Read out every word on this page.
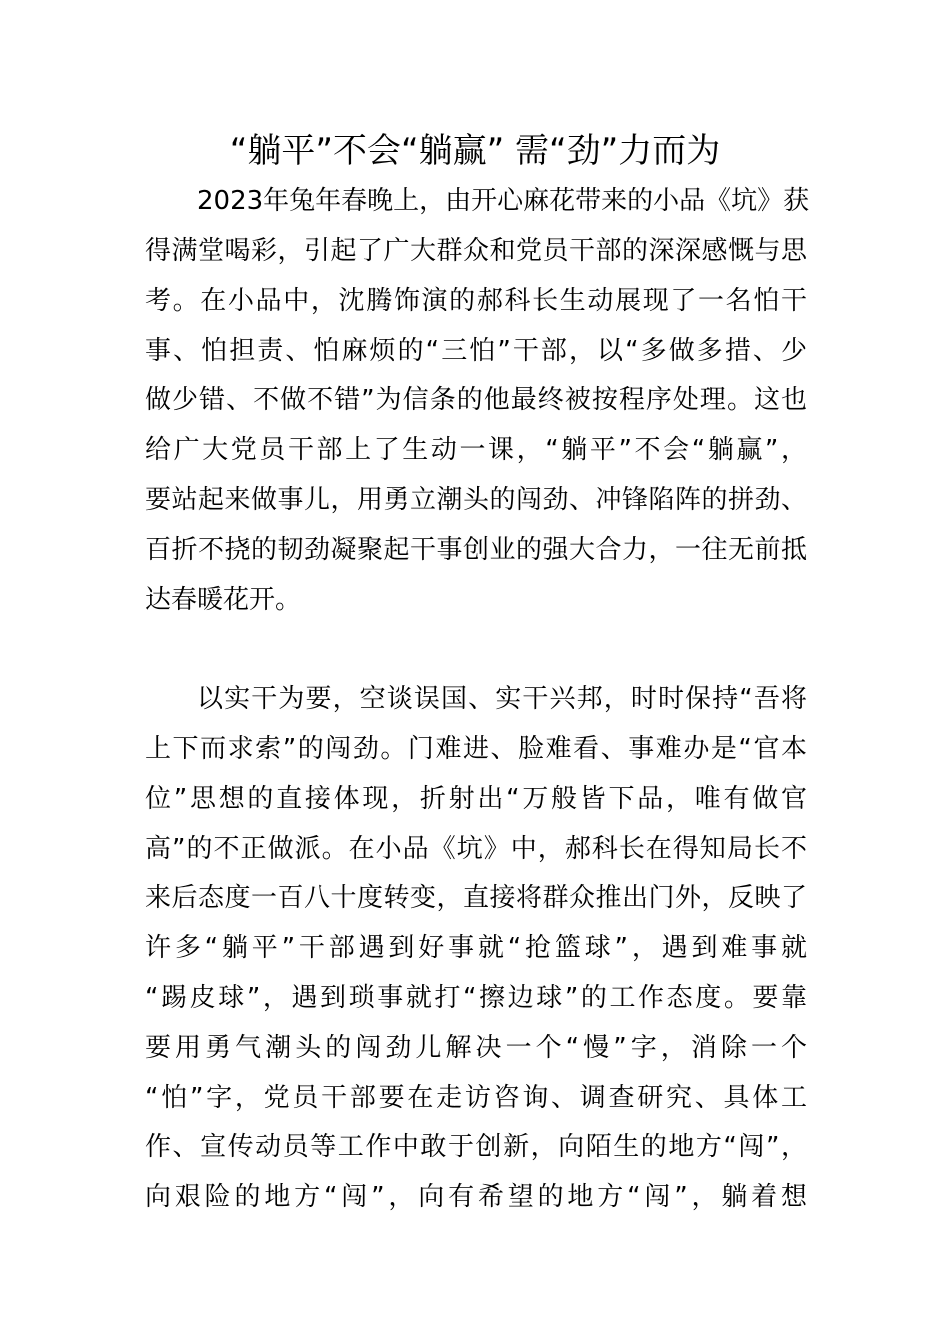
“躺平”不会“躺赢” 需“劲”力而为
2023年兔年春晚上，由开心麻花带来的小品《坑》获
得满堂喝彩，引起了广大群众和党员干部的深深感慨与思
考。在小品中，沈腾饰演的郝科长生动展现了一名怕干
事、怕担责、怕麻烦的“三怕”干部，以“多做多措、少
做少错、不做不错”为信条的他最终被按程序处理。这也
给广大党员干部上了生动一课，“躺平”不会“躺赢”，
要站起来做事儿，用勇立潮头的闯劲、冲锋陷阵的拼劲、
百折不挠的韧劲凝聚起干事创业的强大合力，一往无前抵
达春暖花开。
以实干为要，空谈误国、实干兴邦，时时保持“吾将
上下而求索”的闯劲。门难进、脸难看、事难办是“官本
位”思想的直接体现，折射出“万般皆下品，唯有做官
高”的不正做派。在小品《坑》中，郝科长在得知局长不
来后态度一百八十度转变，直接将群众推出门外，反映了
许多“躺平”干部遇到好事就“抢篮球”，遇到难事就
“踢皮球”，遇到琐事就打“擦边球”的工作态度。要靠
要用勇气潮头的闯劲儿解决一个“慢”字，消除一个
“怕”字，党员干部要在走访咨询、调查研究、具体工
作、宣传动员等工作中敢于创新，向陌生的地方“闯”，
向艰险的地方“闯”，向有希望的地方“闯”，躺着想
